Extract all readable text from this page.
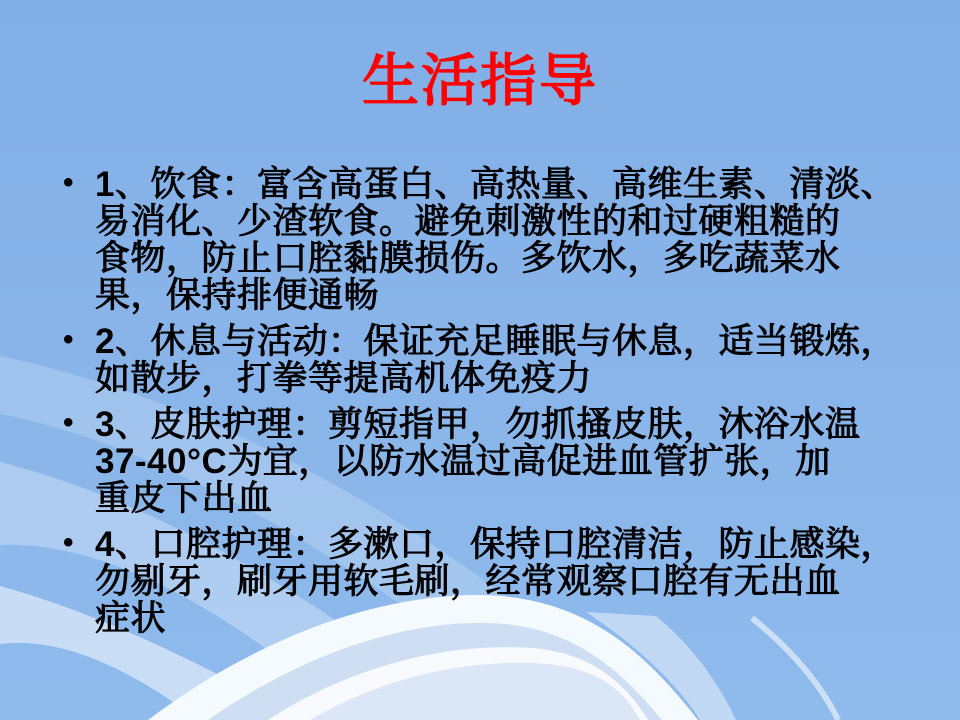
生活指导
• 1、饮食：富含高蛋白、高热量、高维生素、清淡、
易消化、少渣软食。避免刺激性的和过硬粗糙的
食物，防止口腔黏膜损伤。多饮水，多吃蔬菜水
果，保持排便通畅
• 2、休息与活动：保证充足睡眠与休息，适当锻炼，
如散步，打拳等提高机体免疫力
• 3、皮肤护理：剪短指甲，勿抓搔皮肤，沐浴水温
37-40°C为宜，以防水温过高促进血管扩张，加
重皮下出血
• 4、口腔护理：多漱口，保持口腔清洁，防止感染，
勿剔牙，刷牙用软毛刷，经常观察口腔有无出血
症状
